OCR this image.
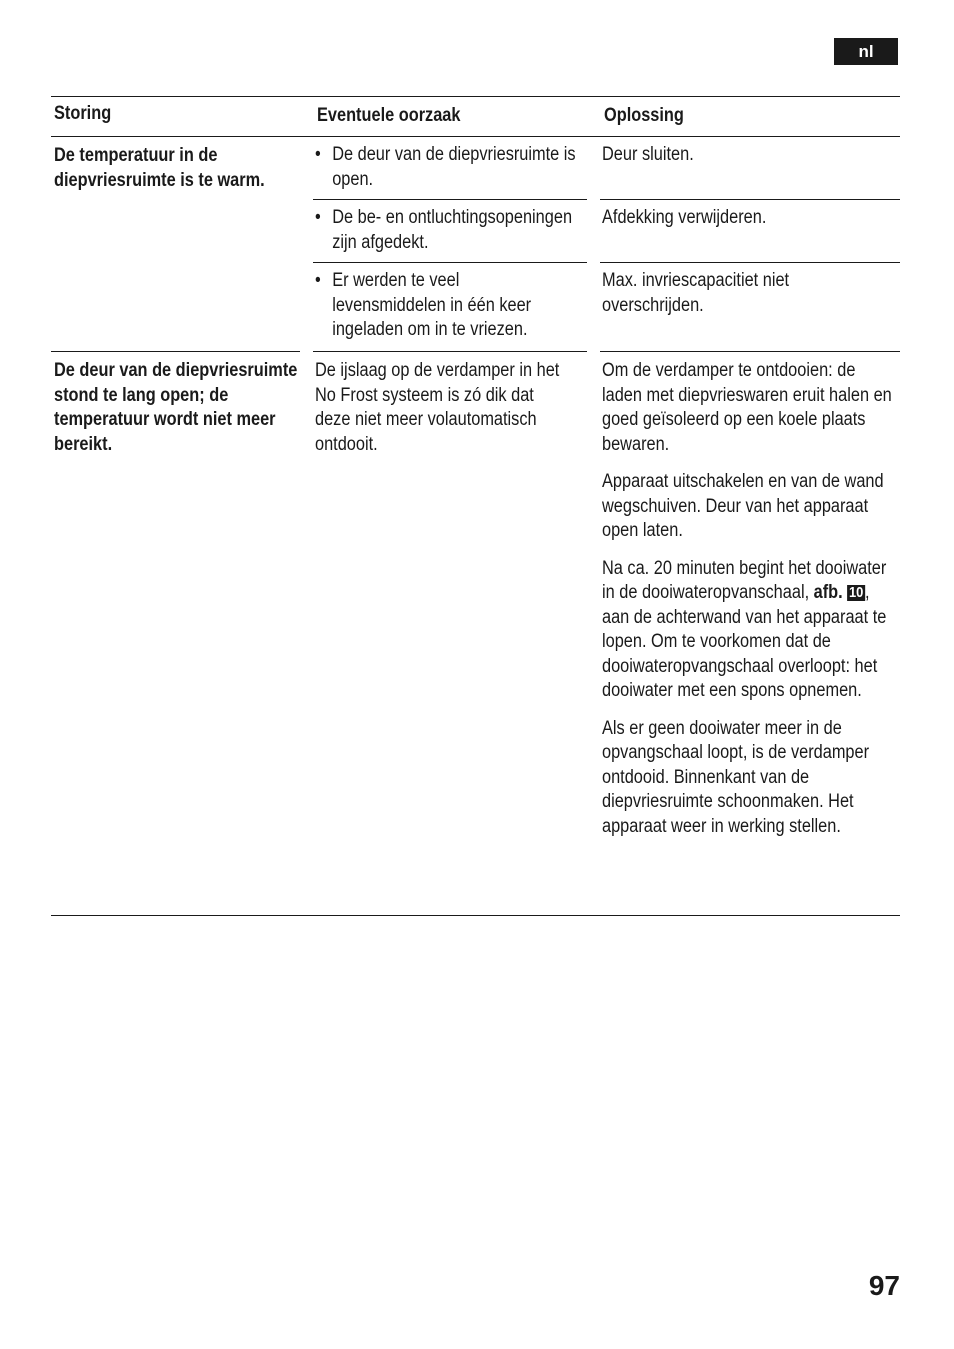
nl
Storing	Eventuele oorzaak	Oplossing
De temperatuur in de diepvriesruimte is te warm.
• De deur van de diepvriesruimte is open.
Deur sluiten.
• De be- en ontluchtingsopeningen zijn afgedekt.
Afdekking verwijderen.
• Er werden te veel levensmiddelen in één keer ingeladen om in te vriezen.
Max. invriescapacitiet niet overschrijden.
De deur van de diepvriesruimte stond te lang open; de temperatuur wordt niet meer bereikt.
De ijslaag op de verdamper in het No Frost systeem is zó dik dat deze niet meer volautomatisch ontdooit.

Om de verdamper te ontdooien: de laden met diepvrieswaren eruit halen en goed geïsoleerd op een koele plaats bewaren.

Apparaat uitschakelen en van de wand wegschuiven. Deur van het apparaat open laten.

Na ca. 20 minuten begint het dooiwater in de dooiwateropvanschaal, afb. 10, aan de achterwand van het apparaat te lopen. Om te voorkomen dat de dooiwateropvangschaal overloopt: het dooiwater met een spons opnemen.

Als er geen dooiwater meer in de opvangschaal loopt, is de verdamper ontdooid. Binnenkant van de diepvriesruimte schoonmaken. Het apparaat weer in werking stellen.

97
